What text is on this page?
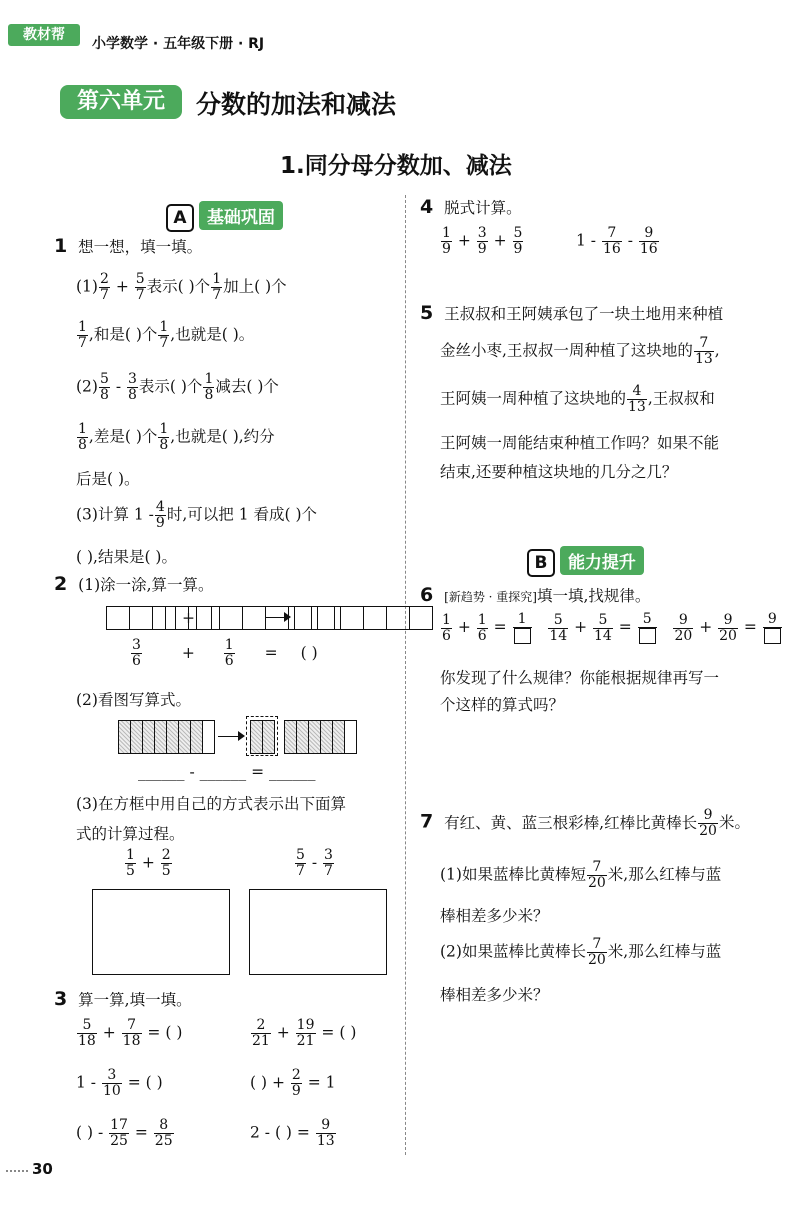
教材帮
小学数学 · 五年级下册 · RJ
第六单元	分数的加法和减法
1.同分母分数加、减法
A 基础巩固
1 想一想，填一填。
$(1) \frac{2}{7} + \frac{5}{7}$ 表示( )个 $\frac{1}{7}$ 加上( )个
$\frac{1}{7}$ ,和是( )个 $\frac{1}{7}$ ,也就是( )。
$(2) \frac{5}{8} - \frac{3}{8}$ 表示( )个 $\frac{1}{8}$ 减去( )个
$\frac{1}{8}$ ,差是( )个 $\frac{1}{8}$ ,也就是( ),约分
后是( )。
(3)计算 $1 - \frac{4}{9}$ 时,可以把 1 看成( )个
( ),结果是( )。
2 (1)涂一涂,算一算。
+
$\frac{3}{6}$	+ $\frac{1}{6}$ = ( )
(2)看图写算式。
______ - ______ = ______
(3)在方框中用自己的方式表示出下面算
式的计算过程。
$\frac{1}{5} + \frac{2}{5}$	$\frac{5}{7} - \frac{3}{7}$
3 算一算,填一填。
$\frac{5}{18} + \frac{7}{18}$ = ( )	$\frac{2}{21} + \frac{19}{21}$ = ( )
$1 - \frac{3}{10}$ = ( )	( ) + $\frac{2}{9} = 1$
( ) - $\frac{17}{25} = \frac{8}{25}$	2 - ( ) = $\frac{9}{13}$
4 脱式计算。
$\frac{1}{9} + \frac{3}{9} + \frac{5}{9}$	$1 - \frac{7}{16} - \frac{9}{16}$
5 王叔叔和王阿姨承包了一块土地用来种植
金丝小枣,王叔叔一周种植了这块地的 $\frac{7}{13}$ ,
王阿姨一周种植了这块地的 $\frac{4}{13}$ ,王叔叔和
王阿姨一周能结束种植工作吗？如果不能
结束,还要种植这块地的几分之几？
B 能力提升
6 [新趋势 · 重探究]填一填,找规律。
$\frac{1}{6} + \frac{1}{6} = 1$
$\frac{5}{14} + \frac{5}{14} = 5$
$\frac{9}{20} + \frac{9}{20} = 9$
你发现了什么规律？你能根据规律再写一
个这样的算式吗？
7 有红、黄、蓝三根彩棒,红棒比黄棒长 $\frac{9}{20}$ 米。
(1)如果蓝棒比黄棒短 $\frac{7}{20}$ 米,那么红棒与蓝
棒相差多少米？
(2)如果蓝棒比黄棒长 $\frac{7}{20}$ 米,那么红棒与蓝
棒相差多少米？
30
